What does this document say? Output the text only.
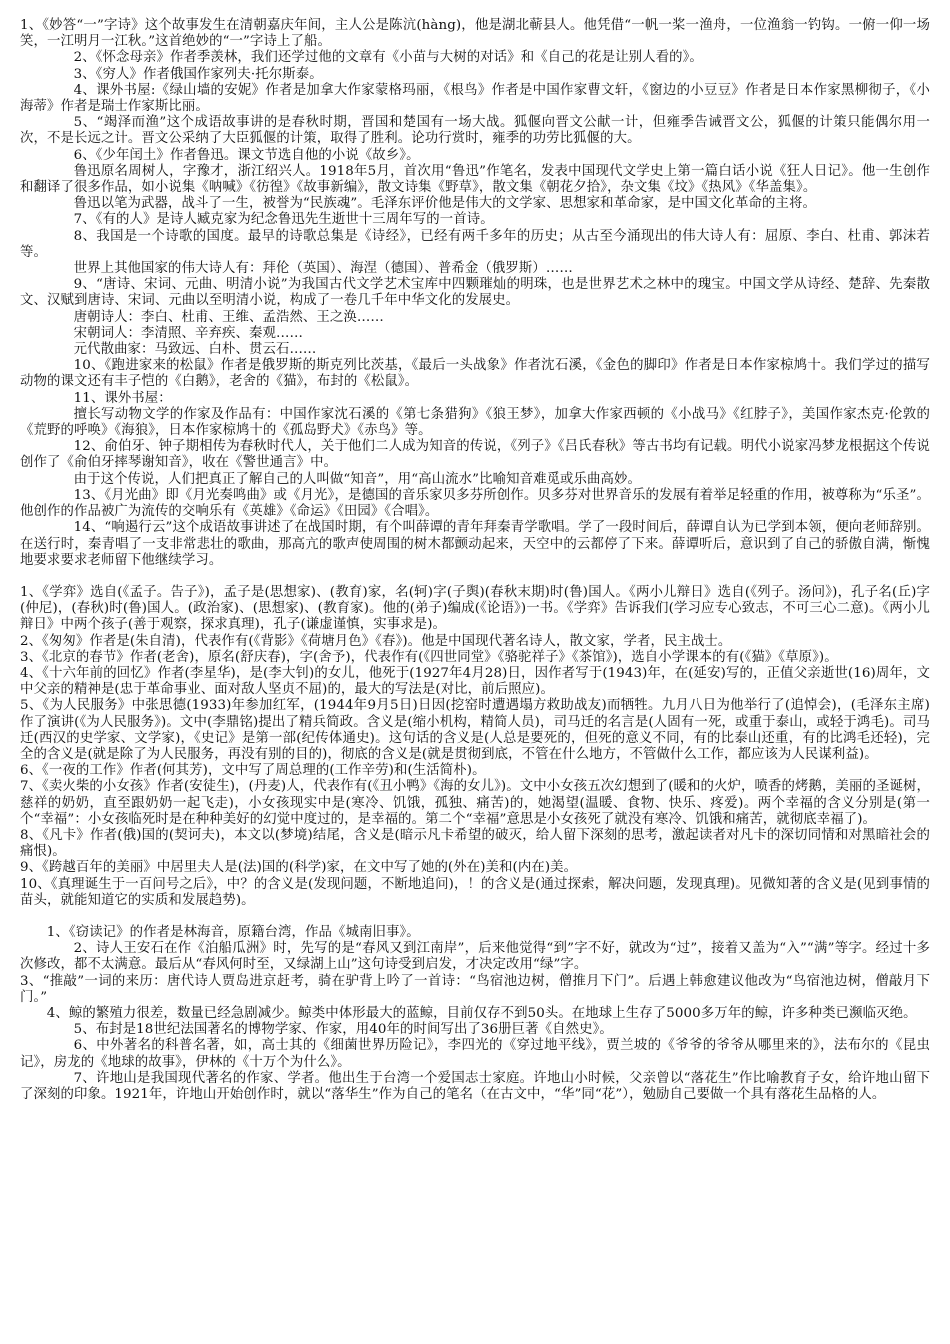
1、《妙答“一”字诗》这个故事发生在清朝嘉庆年间，主人公是陈沆(hàng)，他是湖北蕲县人。他凭借“一帆一桨一渔舟，一位渔翁一钓钩。一俯一仰一场笑，一江明月一江秋。”这首绝妙的“一”字诗上了船。

2、《怀念母亲》作者季羡林，我们还学过他的文章有《小苗与大树的对话》和《自己的花是让别人看的》。

3、《穷人》作者俄国作家列夫·托尔斯泰。

4、课外书屋:《绿山墙的安妮》作者是加拿大作家蒙格玛丽，《根鸟》作者是中国作家曹文轩，《窗边的小豆豆》作者是日本作家黑柳彻子，《小海蒂》作者是瑞士作家斯比丽。

5、“竭泽而渔”这个成语故事讲的是春秋时期，晋国和楚国有一场大战。狐偃向晋文公献一计，但雍季告诫晋文公，狐偃的计策只能偶尔用一次，不是长远之计。晋文公采纳了大臣狐偃的计策，取得了胜利。论功行赏时，雍季的功劳比狐偃的大。

6、《少年闰土》作者鲁迅。课文节选自他的小说《故乡》。

鲁迅原名周树人，字豫才，浙江绍兴人。1918年5月，首次用“鲁迅”作笔名，发表中国现代文学史上第一篇白话小说《狂人日记》。他一生创作和翻译了很多作品，如小说集《呐喊》《彷徨》《故事新编》，散文诗集《野草》，散文集《朝花夕拾》，杂文集《坟》《热风》《华盖集》。

鲁迅以笔为武器，战斗了一生，被誉为“民族魂”。毛泽东评价他是伟大的文学家、思想家和革命家，是中国文化革命的主将。

7、《有的人》是诗人臧克家为纪念鲁迅先生逝世十三周年写的一首诗。

8、我国是一个诗歌的国度。最早的诗歌总集是《诗经》，已经有两千多年的历史；从古至今涌现出的伟大诗人有：屈原、李白、杜甫、郭沫若等。

世界上其他国家的伟大诗人有：拜伦（英国）、海涅（德国）、普希金（俄罗斯）……

9、“唐诗、宋词、元曲、明清小说”为我国古代文学艺术宝库中四颗璀灿的明珠，也是世界艺术之林中的瑰宝。中国文学从诗经、楚辞、先秦散文、汉赋到唐诗、宋词、元曲以至明清小说，构成了一卷几千年中华文化的发展史。

唐朝诗人：李白、杜甫、王维、孟浩然、王之涣……

宋朝词人：李清照、辛弃疾、秦观……

元代散曲家：马致远、白朴、贯云石……

10、《跑进家来的松鼠》作者是俄罗斯的斯克列比茨基，《最后一头战象》作者沈石溪，《金色的脚印》作者是日本作家椋鸠十。我们学过的描写动物的课文还有丰子恺的《白鹅》，老舍的《猫》，布封的《松鼠》。

11、课外书屋：

擅长写动物文学的作家及作品有：中国作家沈石溪的《第七条猎狗》《狼王梦》，加拿大作家西顿的《小战马》《红脖子》，美国作家杰克·伦敦的《荒野的呼唤》《海狼》，日本作家椋鸠十的《孤岛野犬》《赤鸟》等。

12、俞伯牙、钟子期相传为春秋时代人，关于他们二人成为知音的传说，《列子》《吕氏春秋》等古书均有记载。明代小说家冯梦龙根据这个传说创作了《俞伯牙摔琴谢知音》，收在《警世通言》中。

由于这个传说，人们把真正了解自己的人叫做“知音”，用“高山流水”比喻知音难觅或乐曲高妙。

13、《月光曲》即《月光奏鸣曲》或《月光》，是德国的音乐家贝多芬所创作。贝多芬对世界音乐的发展有着举足轻重的作用，被尊称为“乐圣”。他创作的作品被广为流传的交响乐有《英雄》《命运》《田园》《合唱》。

14、“响遏行云”这个成语故事讲述了在战国时期，有个叫薛谭的青年拜秦青学歌唱。学了一段时间后，薛谭自认为已学到本领，便向老师辞别。在送行时，秦青唱了一支非常悲壮的歌曲，那高亢的歌声使周围的树木都颤动起来，天空中的云都停了下来。薛谭听后，意识到了自己的骄傲自满，惭愧地要求要求老师留下他继续学习。

1、《学弈》选自(《孟子。告子》)，孟子是(思想家)、(教育)家，名(轲)字(子舆)(春秋末期)时(鲁)国人。《两小儿辩日》选自(《列子。汤问》)，孔子名(丘)字(仲尼)，(春秋)时(鲁)国人。(政治家)、(思想家)、(教育家)。他的(弟子)编成(《论语》)一书。《学弈》告诉我们(学习应专心致志，不可三心二意)。《两小儿辩日》中两个孩子(善于观察，探求真理)，孔子(谦虚谨慎，实事求是)。

2、《匆匆》作者是(朱自清)，代表作有(《背影》《荷塘月色》《春》)。他是中国现代著名诗人，散文家，学者，民主战士。

3、《北京的春节》作者(老舍)，原名(舒庆春)，字(舍予)，代表作有(《四世同堂》《骆驼祥子》《茶馆》)，选自小学课本的有(《猫》《草原》)。

4、《十六年前的回忆》作者(李星华)，是(李大钊)的女儿，他死于(1927年4月28)日，因作者写于(1943)年，在(延安)写的，正值父亲逝世(16)周年，文中父亲的精神是(忠于革命事业、面对敌人坚贞不屈)的，最大的写法是(对比，前后照应)。

5、《为人民服务》中张思德(1933)年参加红军，(1944年9月5日)日因(挖窑时遭遇塌方救助战友)而牺牲。九月八日为他举行了(追悼会)，(毛泽东主席)作了演讲(《为人民服务》)。文中(李鼎铭)提出了精兵简政。含义是(缩小机构，精简人员)，司马迁的名言是(人固有一死，或重于泰山，或轻于鸿毛)。司马迁(西汉的史学家、文学家)，《史记》是第一部(纪传体通史)。这句话的含义是(人总是要死的，但死的意义不同，有的比泰山还重，有的比鸿毛还轻)，完全的含义是(就是除了为人民服务，再没有别的目的)，彻底的含义是(就是贯彻到底，不管在什么地方，不管做什么工作，都应该为人民谋利益)。

6、《一夜的工作》作者(何其芳)，文中写了周总理的(工作辛劳)和(生活简朴)。

7、《卖火柴的小女孩》作者(安徒生)，(丹麦)人，代表作有(《丑小鸭》《海的女儿》)。文中小女孩五次幻想到了(暖和的火炉，喷香的烤鹅，美丽的圣诞树，慈祥的奶奶，直至跟奶奶一起飞走)，小女孩现实中是(寒冷、饥饿，孤独、痛苦)的，她渴望(温暖、食物、快乐、疼爱)。两个幸福的含义分别是(第一个“幸福”：小女孩临死时是在种种美好的幻觉中度过的，是幸福的。第二个“幸福”意思是小女孩死了就没有寒冷、饥饿和痛苦，就彻底幸福了)。

8、《凡卡》作者(俄)国的(契诃夫)，本文以(梦境)结尾，含义是(暗示凡卡希望的破灭，给人留下深刻的思考，激起读者对凡卡的深切同情和对黑暗社会的痛恨)。

9、《跨越百年的美丽》中居里夫人是(法)国的(科学)家，在文中写了她的(外在)美和(内在)美。

10、《真理诞生于一百问号之后》，中？的含义是(发现问题，不断地追问)，！的含义是(通过探索，解决问题，发现真理)。见微知著的含义是(见到事情的苗头，就能知道它的实质和发展趋势)。

1、《窃读记》的作者是林海音，原籍台湾，作品《城南旧事》。

2、诗人王安石在作《泊船瓜洲》时，先写的是“春风又到江南岸”，后来他觉得“到”字不好，就改为“过”，接着又盖为“入”“满”等字。经过十多次修改，都不太满意。最后从“春风何时至，又绿湖上山”这句诗受到启发，才决定改用“绿”字。

3、“推敲”一词的来历：唐代诗人贾岛进京赶考，骑在驴背上吟了一首诗：“鸟宿池边树，僧推月下门”。后遇上韩愈建议他改为“鸟宿池边树，僧敲月下门。”

4、鲸的繁殖力很差，数量已经急剧减少。鲸类中体形最大的蓝鲸，目前仅存不到50头。在地球上生存了5000多万年的鲸，许多种类已濒临灭绝。

5、布封是18世纪法国著名的博物学家、作家，用40年的时间写出了36册巨著《自然史》。

6、中外著名的科普名著，如，高士其的《细菌世界历险记》，李四光的《穿过地平线》，贾兰坡的《爷爷的爷爷从哪里来的》，法布尔的《昆虫记》，房龙的《地球的故事》，伊林的《十万个为什么》。

7、许地山是我国现代著名的作家、学者。他出生于台湾一个爱国志士家庭。许地山小时候，父亲曾以“落花生”作比喻教育子女，给许地山留下了深刻的印象。1921年，许地山开始创作时，就以“落华生”作为自己的笔名（在古文中，“华”同“花”），勉励自己要做一个具有落花生品格的人。
